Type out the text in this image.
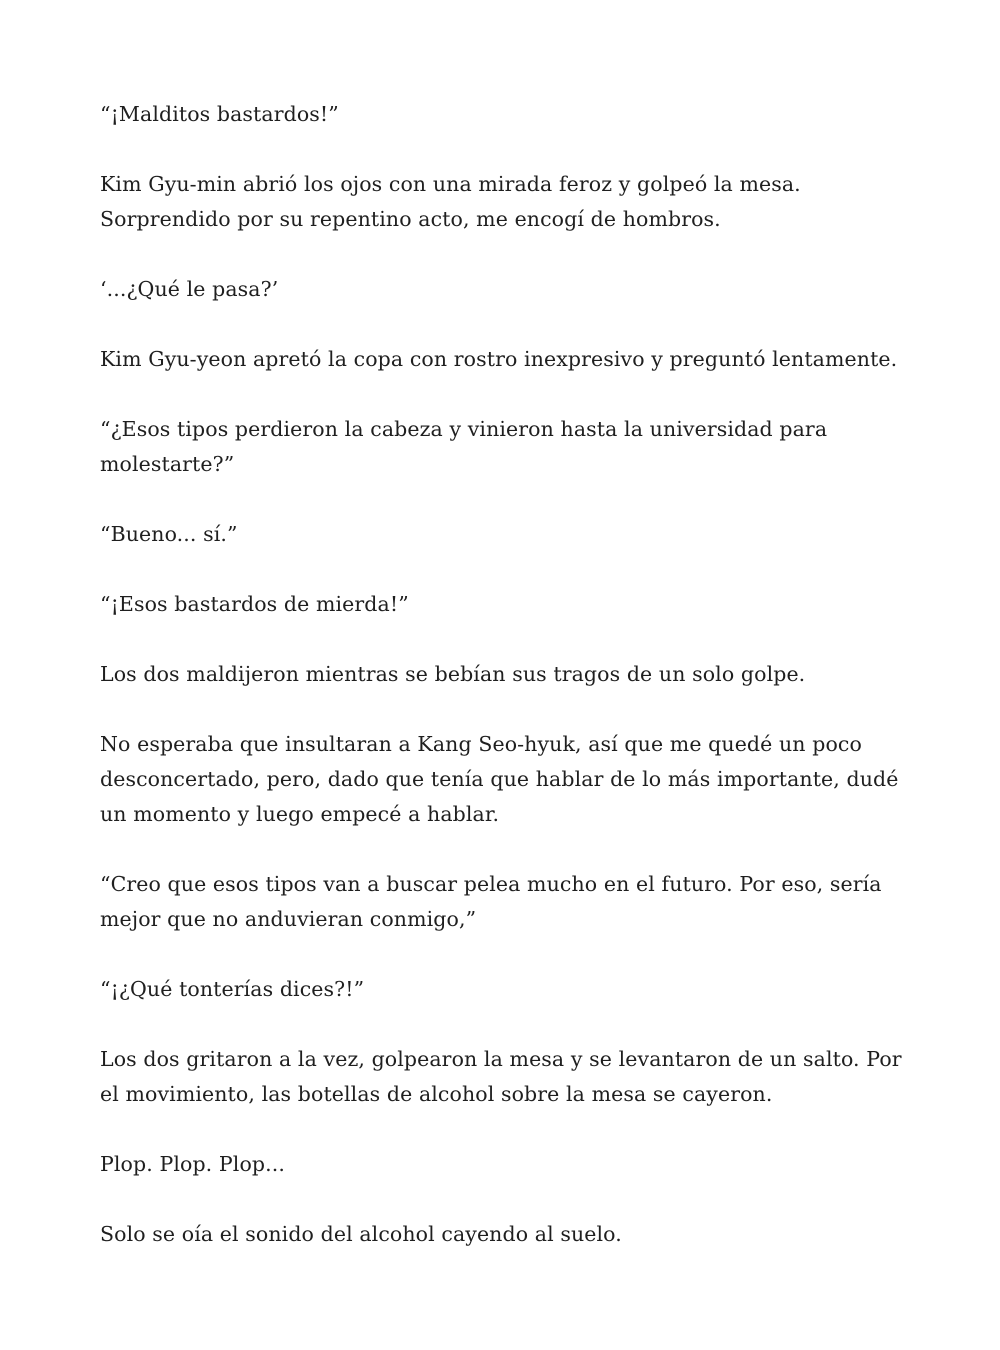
“¡Malditos bastardos!”

Kim Gyu-min abrió los ojos con una mirada feroz y golpeó la mesa. Sorprendido por su repentino acto, me encogí de hombros.

‘...¿Qué le pasa?’

Kim Gyu-yeon apretó la copa con rostro inexpresivo y preguntó lentamente.

“¿Esos tipos perdieron la cabeza y vinieron hasta la universidad para molestarte?”

“Bueno... sí.”

“¡Esos bastardos de mierda!”

Los dos maldijeron mientras se bebían sus tragos de un solo golpe.

No esperaba que insultaran a Kang Seo-hyuk, así que me quedé un poco desconcertado, pero, dado que tenía que hablar de lo más importante, dudé un momento y luego empecé a hablar.

“Creo que esos tipos van a buscar pelea mucho en el futuro. Por eso, sería mejor que no anduvieran conmigo,”

“¡¿Qué tonterías dices?!”

Los dos gritaron a la vez, golpearon la mesa y se levantaron de un salto. Por el movimiento, las botellas de alcohol sobre la mesa se cayeron.

Plop. Plop. Plop...

Solo se oía el sonido del alcohol cayendo al suelo.
